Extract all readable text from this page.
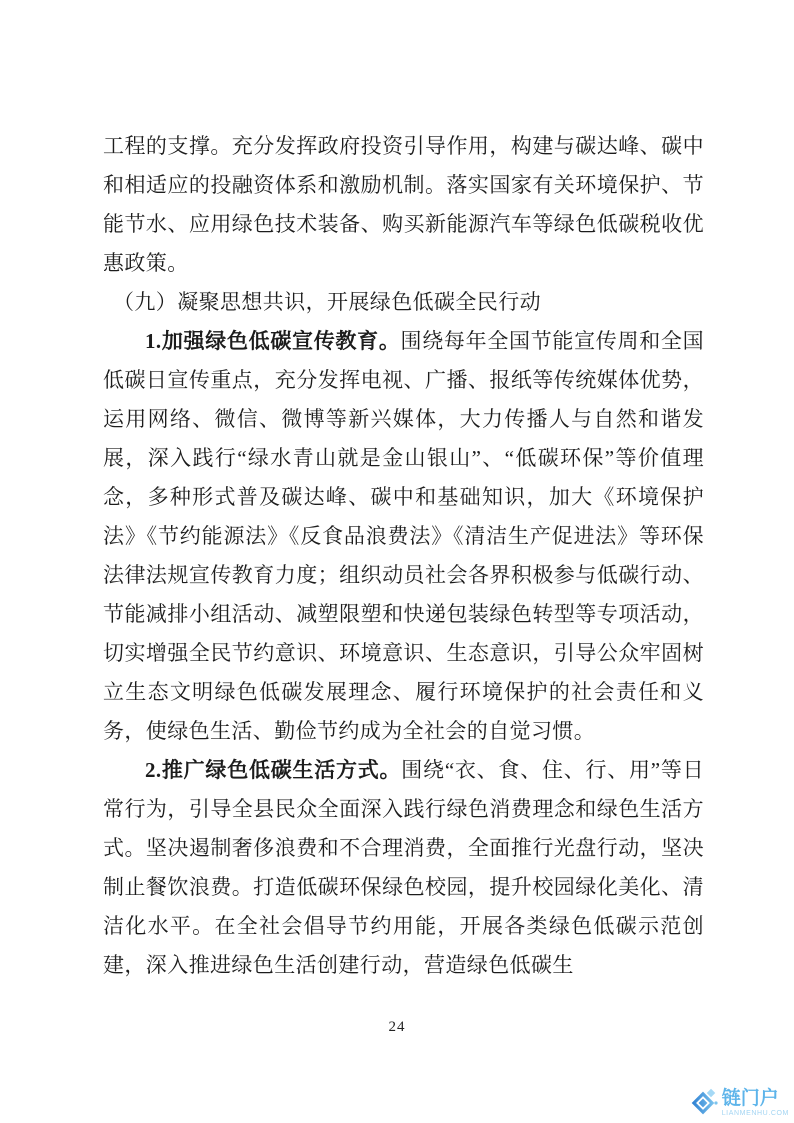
工程的支撑。充分发挥政府投资引导作用，构建与碳达峰、碳中和相适应的投融资体系和激励机制。落实国家有关环境保护、节能节水、应用绿色技术装备、购买新能源汽车等绿色低碳税收优惠政策。

（九）凝聚思想共识，开展绿色低碳全民行动

1.加强绿色低碳宣传教育。围绕每年全国节能宣传周和全国低碳日宣传重点，充分发挥电视、广播、报纸等传统媒体优势，运用网络、微信、微博等新兴媒体，大力传播人与自然和谐发展，深入践行“绿水青山就是金山银山”、“低碳环保”等价值理念，多种形式普及碳达峰、碳中和基础知识，加大《环境保护法》《节约能源法》《反食品浪费法》《清洁生产促进法》等环保法律法规宣传教育力度；组织动员社会各界积极参与低碳行动、节能减排小组活动、减塑限塑和快递包装绿色转型等专项活动，切实增强全民节约意识、环境意识、生态意识，引导公众牢固树立生态文明绿色低碳发展理念、履行环境保护的社会责任和义务，使绿色生活、勤俭节约成为全社会的自觉习惯。

2.推广绿色低碳生活方式。围绕“衣、食、住、行、用”等日常行为，引导全县民众全面深入践行绿色消费理念和绿色生活方式。坚决遏制奢侈浪费和不合理消费，全面推行光盘行动，坚决制止餐饮浪费。打造低碳环保绿色校园，提升校园绿化美化、清洁化水平。在全社会倡导节约用能，开展各类绿色低碳示范创建，深入推进绿色生活创建行动，营造绿色低碳生

24
链门户
LIANMENHU.COM
